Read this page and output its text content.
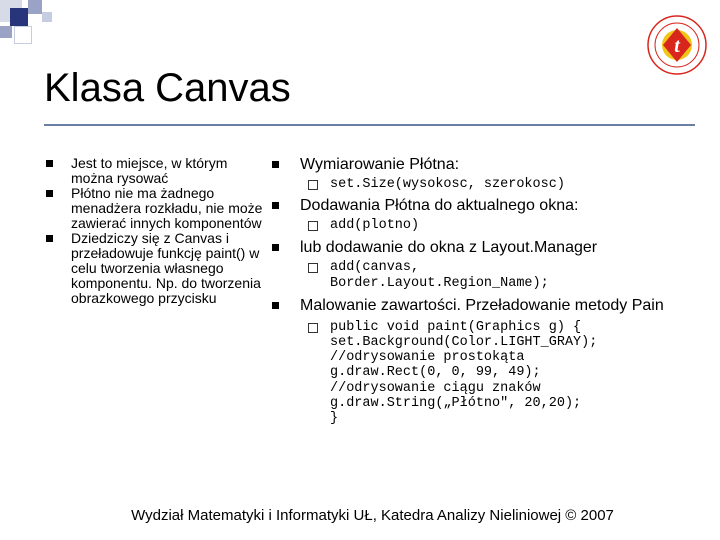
Klasa Canvas
t
Jest to miejsce, w którym można rysować
Płótno nie ma żadnego menadżera rozkładu, nie może zawierać innych komponentów
Dziedziczy się z Canvas i przeładowuje funkcję paint() w celu tworzenia własnego komponentu. Np. do tworzenia obrazkowego przycisku
Wymiarowanie Płótna:
set.Size(wysokosc, szerokosc)
Dodawania Płótna do aktualnego okna:
add(plotno)
lub dodawanie do okna z Layout.Manager
add(canvas,
Border.Layout.Region_Name);
Malowanie zawartości. Przeładowanie metody Pain
public void paint(Graphics g) {
set.Background(Color.LIGHT_GRAY);
//odrysowanie prostokąta
g.draw.Rect(0, 0, 99, 49);
//odrysowanie ciągu znaków
g.draw.String(„Płótno", 20,20);
}
Wydział Matematyki i Informatyki UŁ, Katedra Analizy Nieliniowej © 2007
